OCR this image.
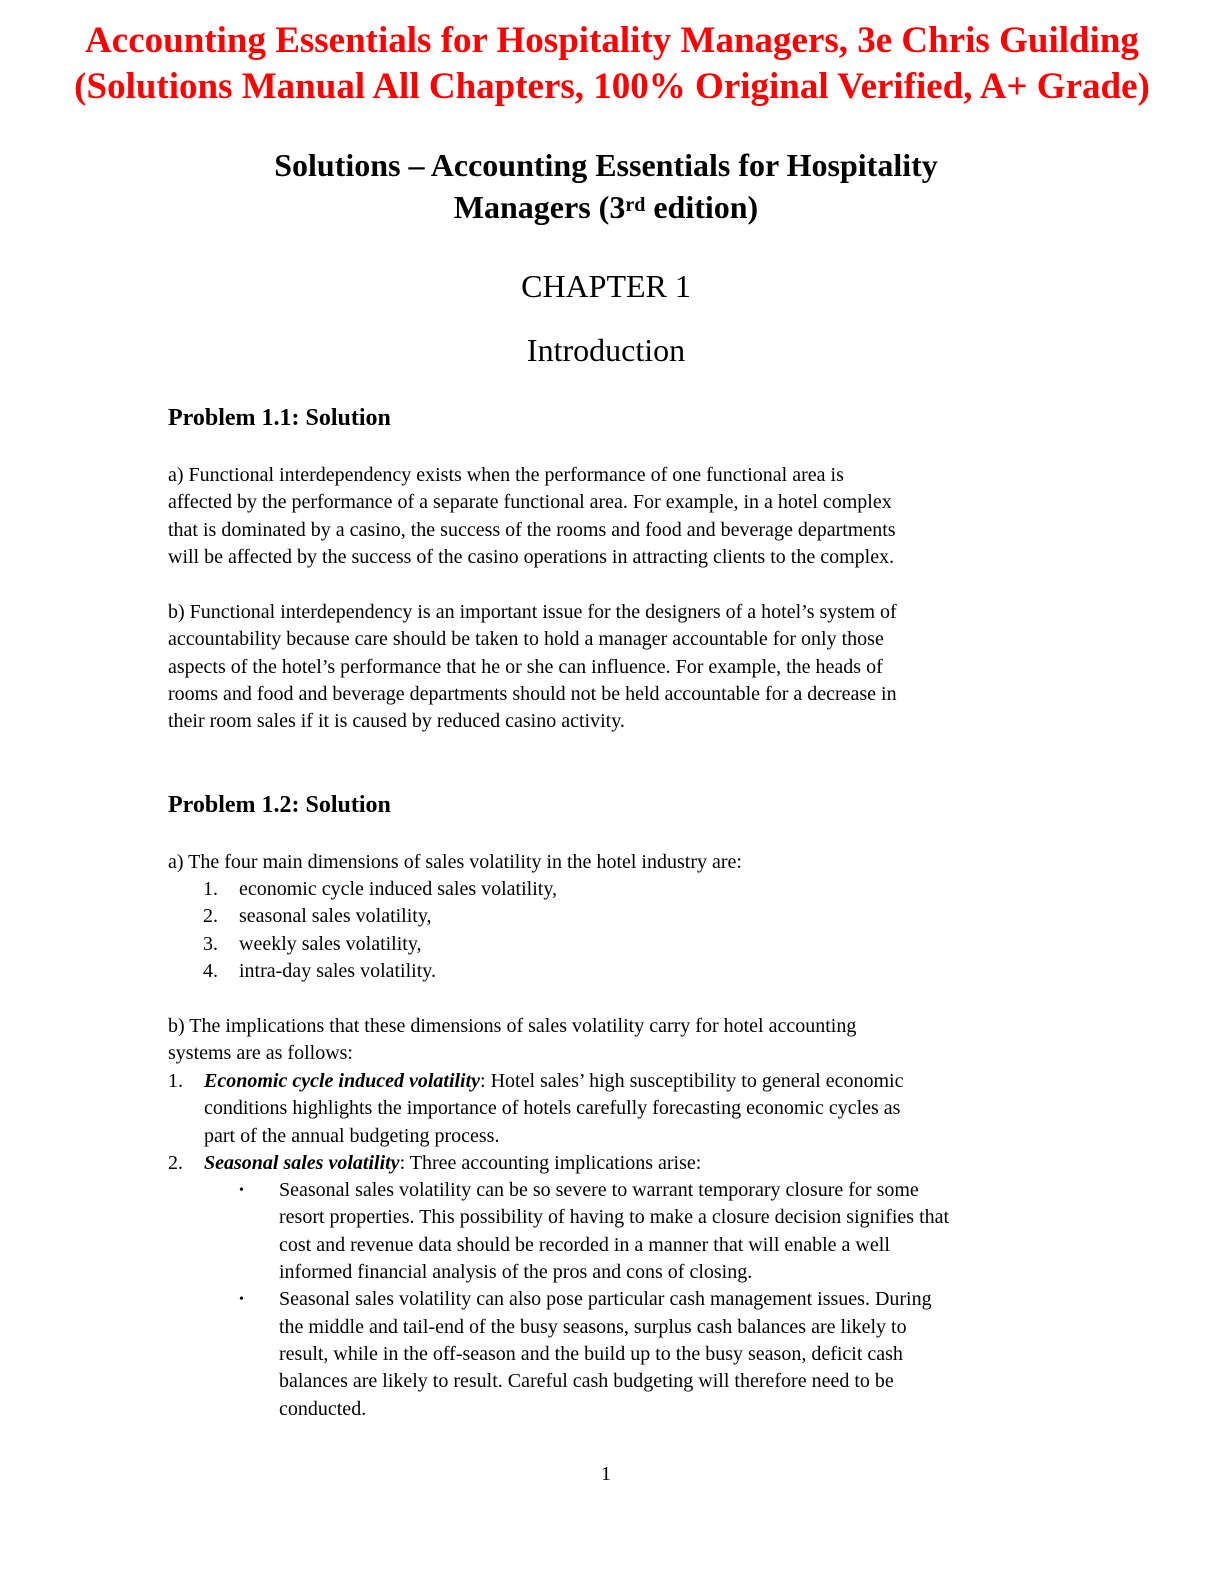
Accounting Essentials for Hospitality Managers, 3e Chris Guilding
(Solutions Manual All Chapters, 100% Original Verified, A+ Grade)
Solutions – Accounting Essentials for Hospitality
Managers (3rd edition)
CHAPTER 1
Introduction
Problem 1.1: Solution
a) Functional interdependency exists when the performance of one functional area is
affected by the performance of a separate functional area. For example, in a hotel complex
that is dominated by a casino, the success of the rooms and food and beverage departments
will be affected by the success of the casino operations in attracting clients to the complex.
b) Functional interdependency is an important issue for the designers of a hotel’s system of
accountability because care should be taken to hold a manager accountable for only those
aspects of the hotel’s performance that he or she can influence. For example, the heads of
rooms and food and beverage departments should not be held accountable for a decrease in
their room sales if it is caused by reduced casino activity.
Problem 1.2: Solution
a) The four main dimensions of sales volatility in the hotel industry are:
1. economic cycle induced sales volatility,
2. seasonal sales volatility,
3. weekly sales volatility,
4. intra-day sales volatility.
b) The implications that these dimensions of sales volatility carry for hotel accounting
systems are as follows:
1. Economic cycle induced volatility: Hotel sales’ high susceptibility to general economic
conditions highlights the importance of hotels carefully forecasting economic cycles as
part of the annual budgeting process.
2. Seasonal sales volatility: Three accounting implications arise:
• Seasonal sales volatility can be so severe to warrant temporary closure for some
resort properties. This possibility of having to make a closure decision signifies that
cost and revenue data should be recorded in a manner that will enable a well
informed financial analysis of the pros and cons of closing.
• Seasonal sales volatility can also pose particular cash management issues. During
the middle and tail-end of the busy seasons, surplus cash balances are likely to
result, while in the off-season and the build up to the busy season, deficit cash
balances are likely to result. Careful cash budgeting will therefore need to be
conducted.
1
